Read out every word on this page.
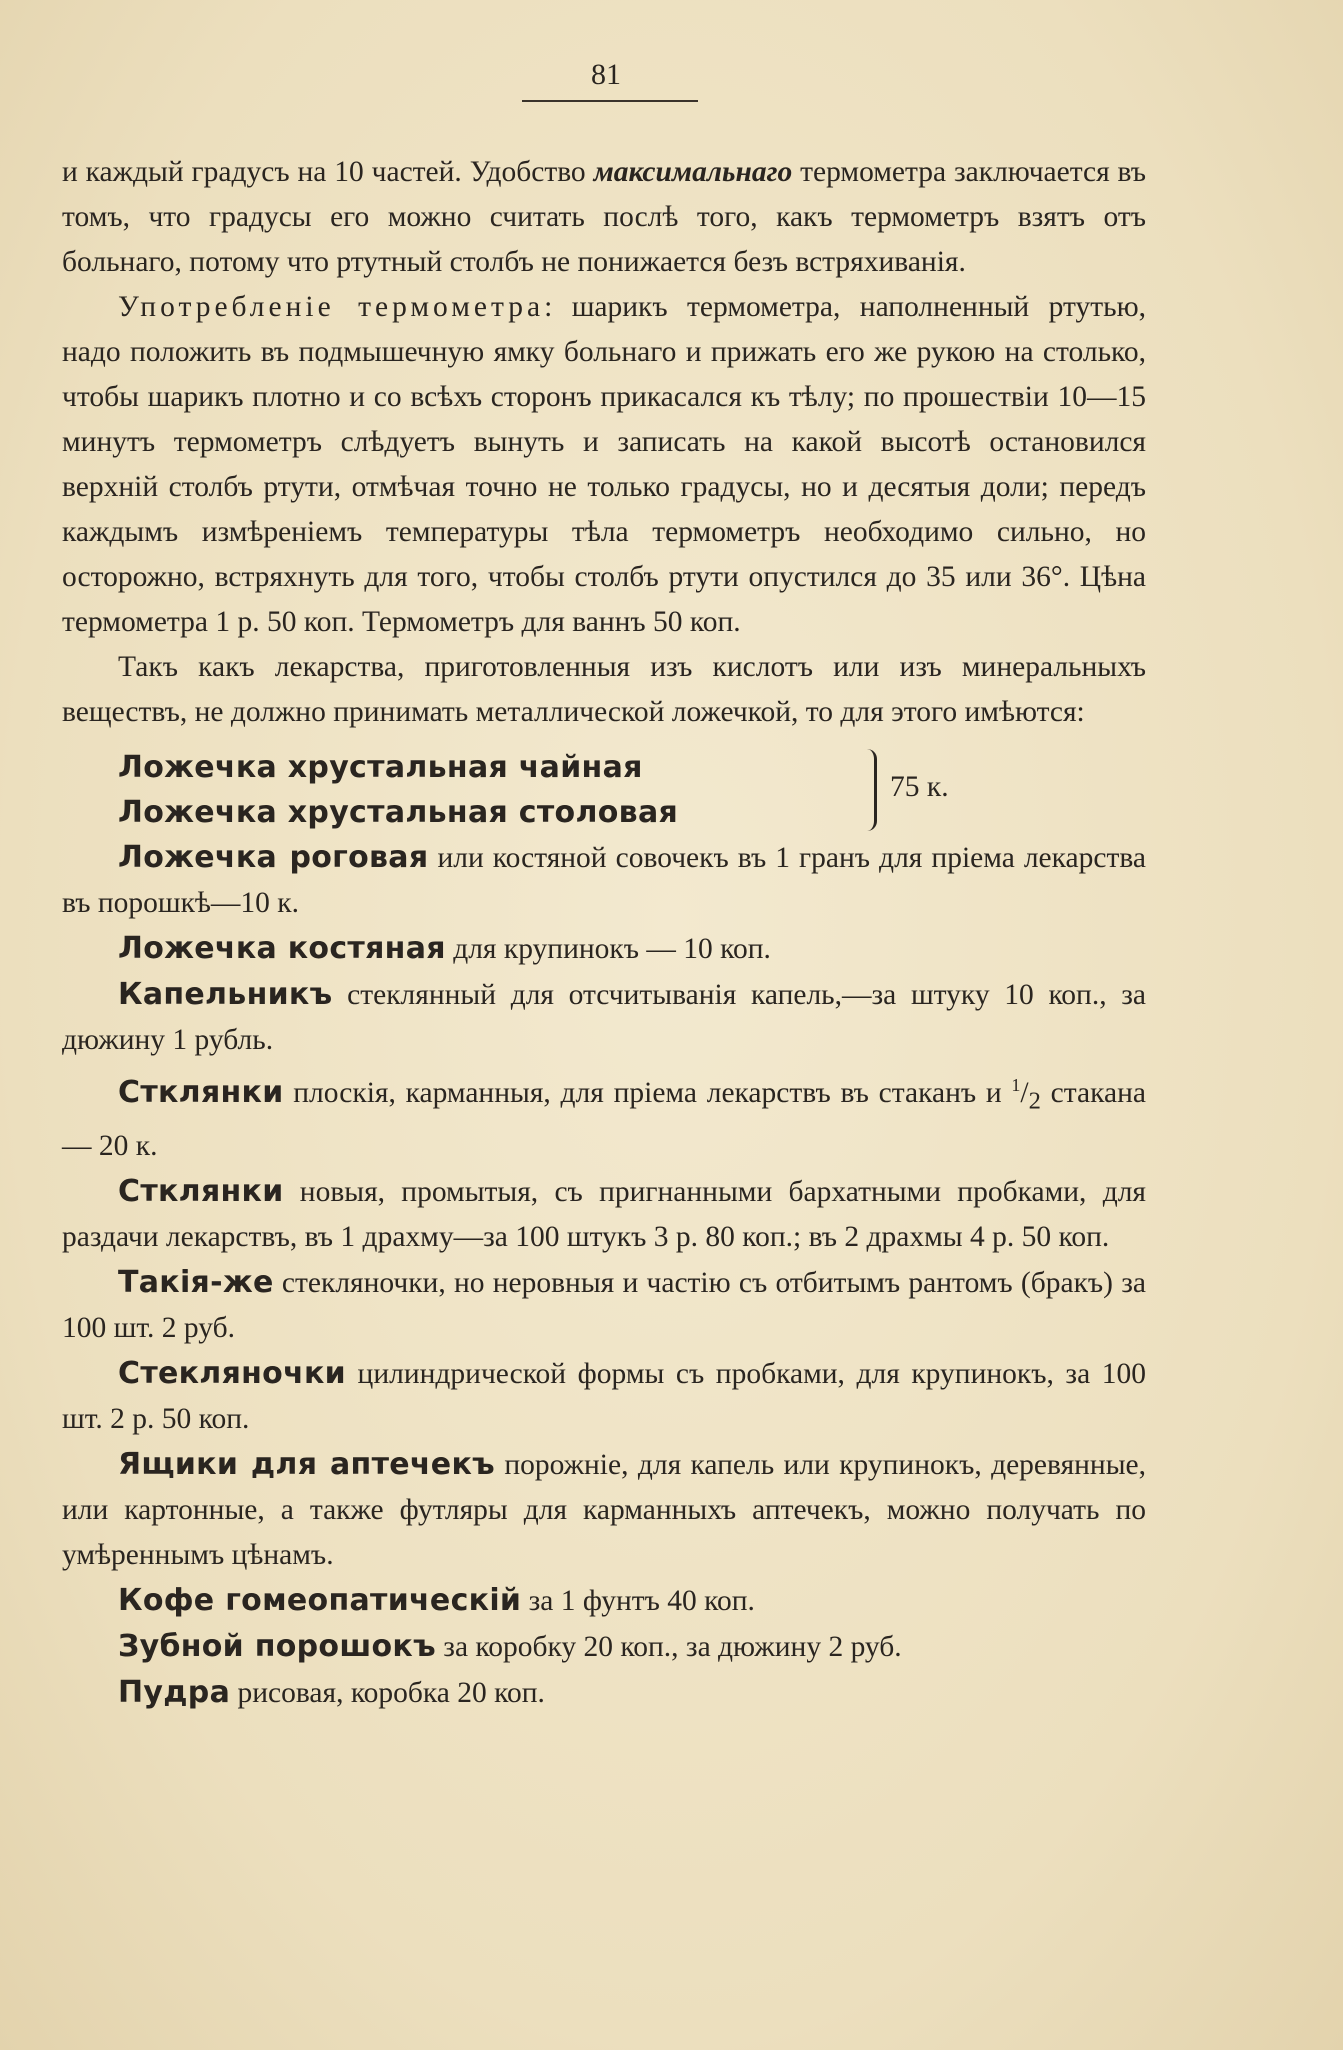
81

и каждый градусъ на 10 частей. Удобство максимальнаго термометра заключается въ томъ, что градусы его можно считать послѣ того, какъ термометръ взятъ отъ больнаго, потому что ртутный столбъ не понижается безъ встряхиванія.

Употребленіе термометра: шарикъ термометра, наполненный ртутью, надо положить въ подмышечную ямку больнаго и прижать его же рукою на столько, чтобы шарикъ плотно и со всѣхъ сторонъ прикасался къ тѣлу; по прошествіи 10—15 минутъ термометръ слѣдуетъ вынуть и записать на какой высотѣ остановился верхній столбъ ртути, отмѣчая точно не только градусы, но и десятыя доли; передъ каждымъ измѣреніемъ температуры тѣла термометръ необходимо сильно, но осторожно, встряхнуть для того, чтобы столбъ ртути опустился до 35 или 36°. Цѣна термометра 1 р. 50 коп. Термометръ для ваннъ 50 коп.

Такъ какъ лекарства, приготовленныя изъ кислотъ или изъ минеральныхъ веществъ, не должно принимать металлической ложечкой, то для этого имѣются:

Ложечка хрустальная чайная
Ложечка хрустальная столовая
75 к.

Ложечка роговая или костяной совочекъ въ 1 гранъ для пріема лекарства въ порошкѣ—10 к.

Ложечка костяная для крупинокъ — 10 коп.

Капельникъ стеклянный для отсчитыванія капель,—за штуку 10 коп., за дюжину 1 рубль.

Стклянки плоскія, карманныя, для пріема лекарствъ въ стаканъ и $^1/_2$ стакана — 20 к.

Стклянки новыя, промытыя, съ пригнанными бархатными пробками, для раздачи лекарствъ, въ 1 драхму—за 100 штукъ 3 р. 80 коп.; въ 2 драхмы 4 р. 50 коп.

Такія-же стекляночки, но неровныя и частію съ отбитымъ рантомъ (бракъ) за 100 шт. 2 руб.

Стекляночки цилиндрической формы съ пробками, для крупинокъ, за 100 шт. 2 р. 50 коп.

Ящики для аптечекъ порожніе, для капель или крупинокъ, деревянные, или картонные, а также футляры для карманныхъ аптечекъ, можно получать по умѣреннымъ цѣнамъ.

Кофе гомеопатическій за 1 фунтъ 40 коп.

Зубной порошокъ за коробку 20 коп., за дюжину 2 руб.

Пудра рисовая, коробка 20 коп.
